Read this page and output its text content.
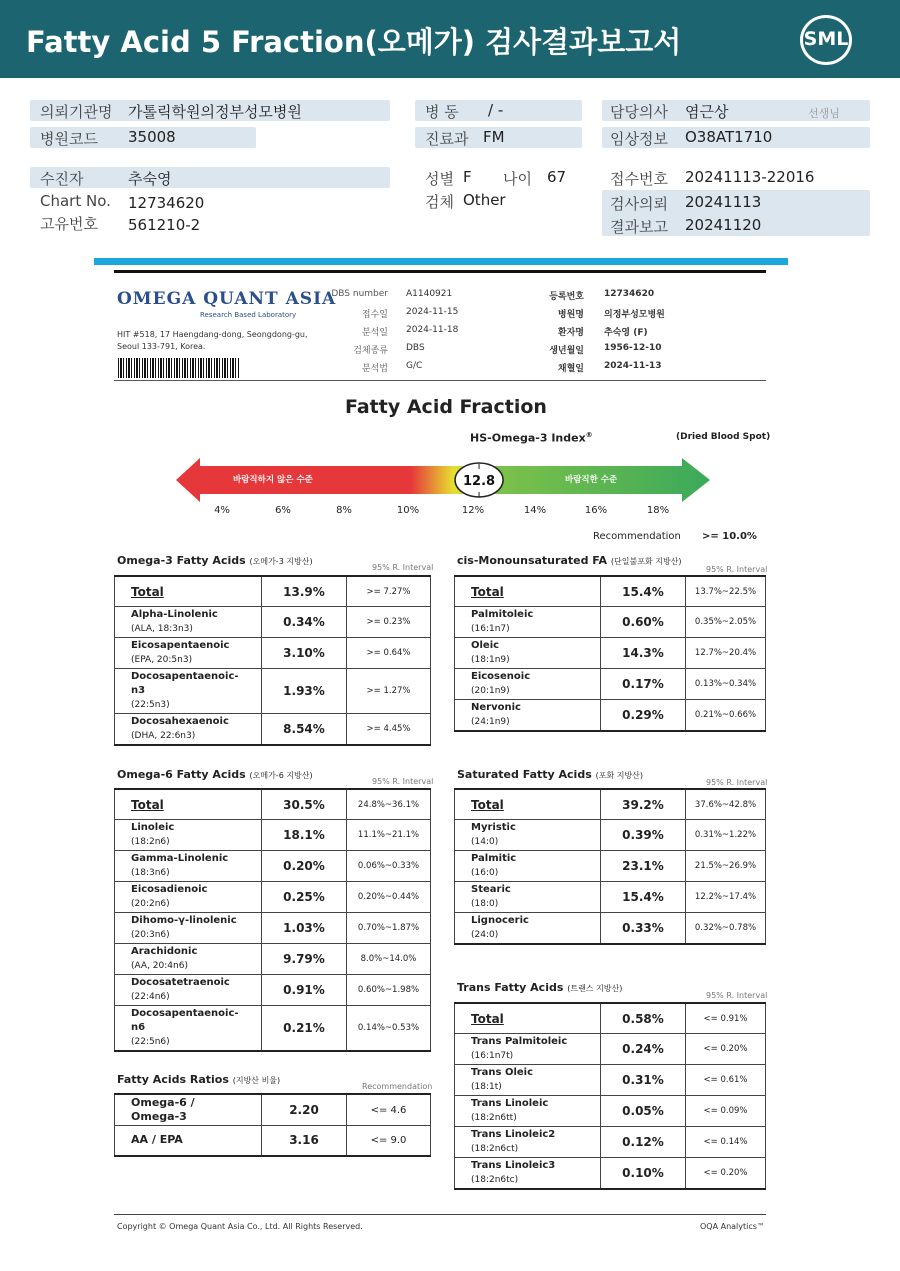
Fatty Acid 5 Fraction(오메가) 검사결과보고서	SML
의뢰기관명 가톨릭학원의정부성모병원
병원코드 35008
병 동 / -
진료과 FM
담당의사 염근상	선생님
임상정보 O38AT1710
수진자	추숙영
Chart No. 12734620
고유번호 561210-2
성별 F 나이 67
검체 Other
접수번호 20241113-22016
검사의뢰 20241113
결과보고 20241120
OMEGA QUANT ASIA
Research Based Laboratory
HIT #518, 17 Haengdang-dong, Seongdong-gu,
Seoul 133-791, Korea.
DBS number A1140921
접수일 2024-11-15
분석일 2024-11-18
검체종류 DBS
분석법 G/C
등록번호 12734620
병원명 의정부성모병원
환자명 추숙영 (F)
생년월일 1956-12-10
채혈일 2024-11-13
Fatty Acid Fraction
HS-Omega-3 Index®	(Dried Blood Spot)
12.8
바람직하지 않은 수준	바람직한 수준
4%	6%	8%	10%	12%	14%	16%	18%
Recommendation >= 10.0%
Omega-3 Fatty Acids (오메가-3 지방산)
95% R. Interval
cis-Monounsaturated FA (단일불포화 지방산)
95% R. Interval
Omega-6 Fatty Acids (오메가-6 지방산)
95% R. Interval
Saturated Fatty Acids (포화 지방산)
95% R. Interval
Trans Fatty Acids (트랜스 지방산)
95% R. Interval
Fatty Acids Ratios (지방산 비율)
Recommendation
Total	13.9%	>= 7.27%
Alpha-Linolenic
(ALA, 18:3n3)	0.34%	>= 0.23%
Eicosapentaenoic
(EPA, 20:5n3)	3.10%	>= 0.64%
Docosapentaenoic-n3
(22:5n3)	1.93%	>= 1.27%
Docosahexaenoic
(DHA, 22:6n3)	8.54%	>= 4.45%
Total	15.4%	13.7%~22.5%
Palmitoleic
(16:1n7)	0.60%	0.35%~2.05%
Oleic
(18:1n9)	14.3%	12.7%~20.4%
Eicosenoic
(20:1n9)	0.17%	0.13%~0.34%
Nervonic
(24:1n9)	0.29%	0.21%~0.66%
Total	30.5%	24.8%~36.1%
Linoleic
(18:2n6)	18.1%	11.1%~21.1%
Gamma-Linolenic
(18:3n6)	0.20%	0.06%~0.33%
Eicosadienoic
(20:2n6)	0.25%	0.20%~0.44%
Dihomo-γ-linolenic
(20:3n6)	1.03%	0.70%~1.87%
Arachidonic
(AA, 20:4n6)	9.79%	8.0%~14.0%
Docosatetraenoic
(22:4n6)	0.91%	0.60%~1.98%
Docosapentaenoic-n6
(22:5n6)	0.21%	0.14%~0.53%
Total	39.2%	37.6%~42.8%
Myristic
(14:0)	0.39%	0.31%~1.22%
Palmitic
(16:0)	23.1%	21.5%~26.9%
Stearic
(18:0)	15.4%	12.2%~17.4%
Lignoceric
(24:0)	0.33%	0.32%~0.78%
Total	0.58%	<= 0.91%
Trans Palmitoleic
(16:1n7t)	0.24%	<= 0.20%
Trans Oleic
(18:1t)	0.31%	<= 0.61%
Trans Linoleic
(18:2n6tt)	0.05%	<= 0.09%
Trans Linoleic2
(18:2n6ct)	0.12%	<= 0.14%
Trans Linoleic3
(18:2n6tc)	0.10%	<= 0.20%
Omega-6 / Omega-3	2.20	<= 4.6
AA / EPA	3.16	<= 9.0
Copyright © Omega Quant Asia Co., Ltd. All Rights Reserved.	OQA Analytics™
